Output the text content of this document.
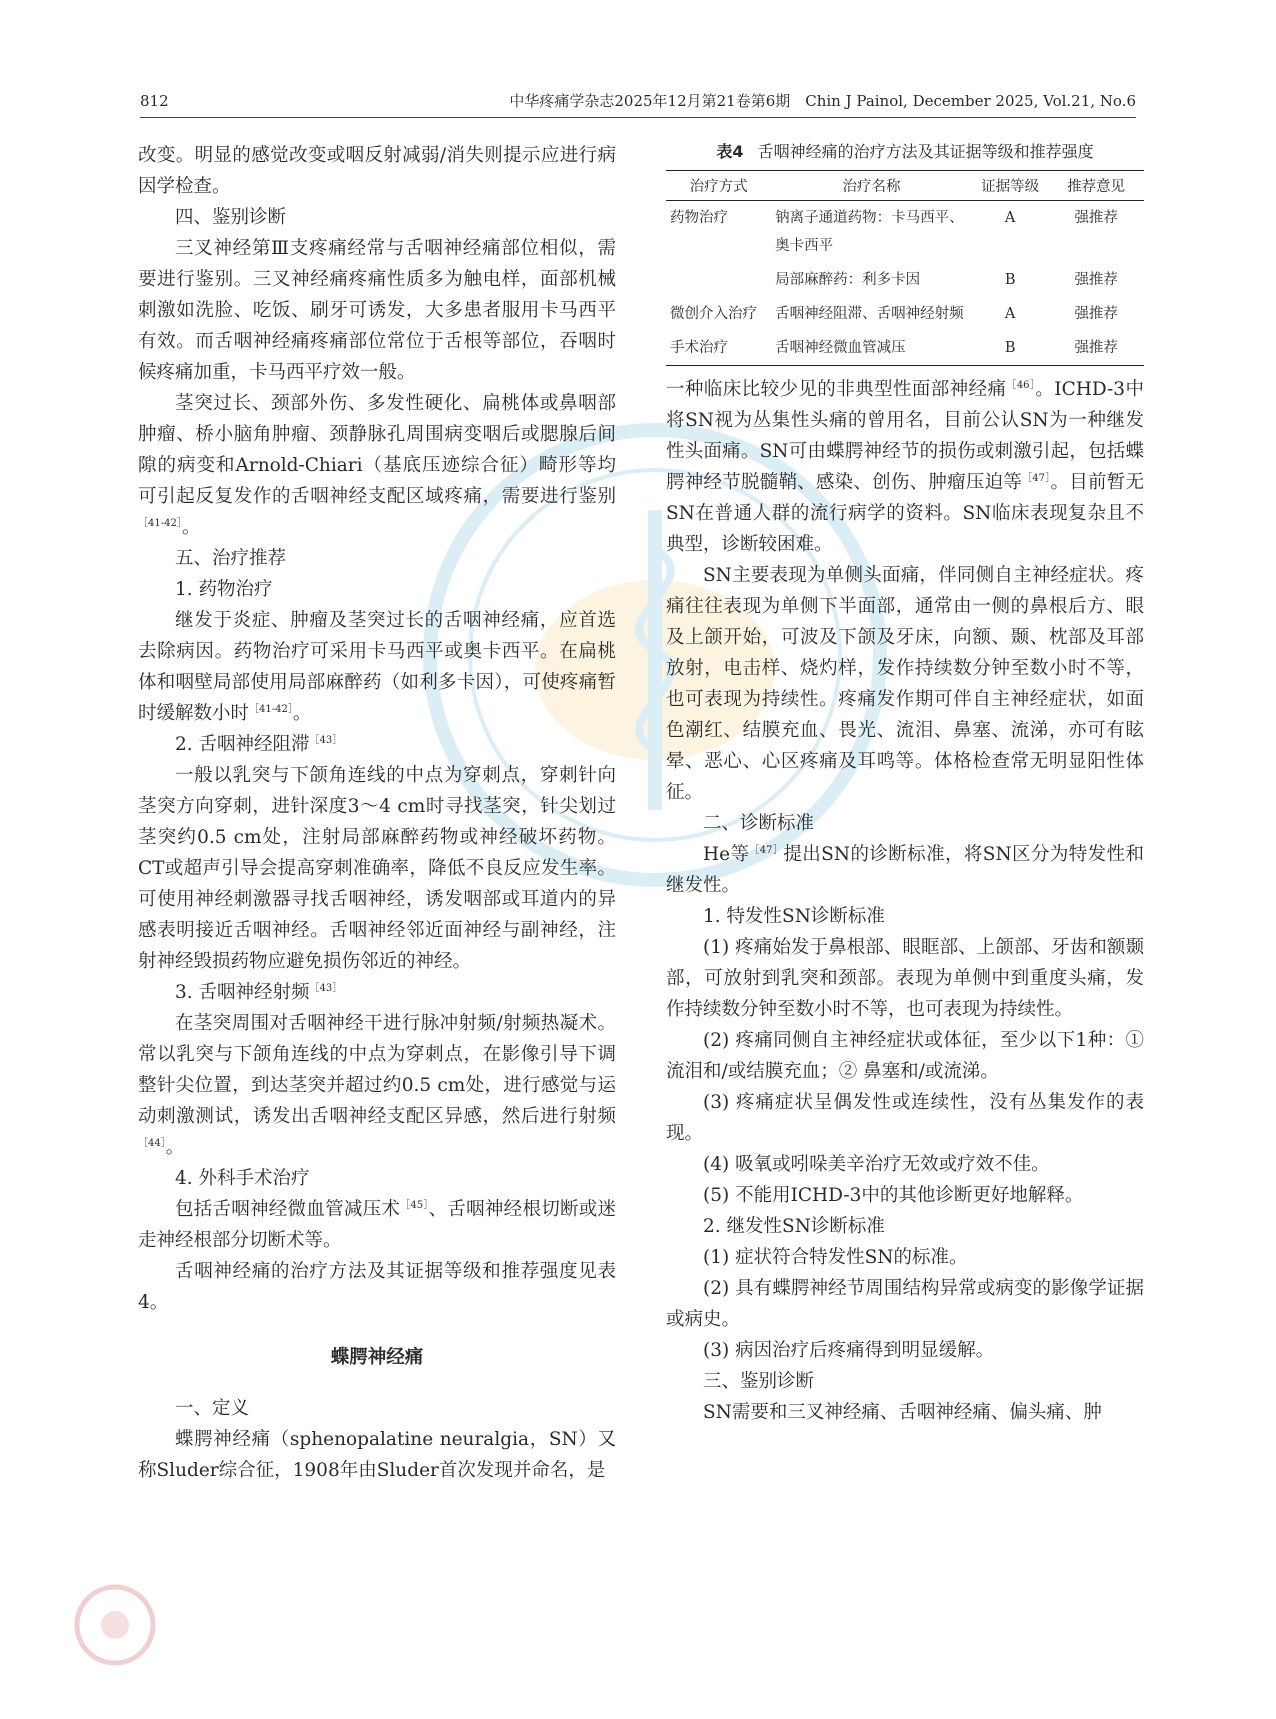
812	中华疼痛学杂志2025年12月第21卷第6期　Chin J Painol, December 2025, Vol.21, No.6

改变。明显的感觉改变或咽反射减弱/消失则提示应进行病因学检查。

四、鉴别诊断

三叉神经第Ⅲ支疼痛经常与舌咽神经痛部位相似，需要进行鉴别。三叉神经痛疼痛性质多为触电样，面部机械刺激如洗脸、吃饭、刷牙可诱发，大多患者服用卡马西平有效。而舌咽神经痛疼痛部位常位于舌根等部位，吞咽时候疼痛加重，卡马西平疗效一般。

茎突过长、颈部外伤、多发性硬化、扁桃体或鼻咽部肿瘤、桥小脑角肿瘤、颈静脉孔周围病变咽后或腮腺后间隙的病变和Arnold-Chiari（基底压迹综合征）畸形等均可引起反复发作的舌咽神经支配区域疼痛，需要进行鉴别$^{[41-42]}$。

五、治疗推荐

1. 药物治疗

继发于炎症、肿瘤及茎突过长的舌咽神经痛，应首选去除病因。药物治疗可采用卡马西平或奥卡西平。在扁桃体和咽壁局部使用局部麻醉药（如利多卡因），可使疼痛暂时缓解数小时$^{[41-42]}$。

2. 舌咽神经阻滞$^{[43]}$

一般以乳突与下颌角连线的中点为穿刺点，穿刺针向茎突方向穿刺，进针深度3～4 cm时寻找茎突，针尖划过茎突约0.5 cm处，注射局部麻醉药物或神经破坏药物。CT或超声引导会提高穿刺准确率，降低不良反应发生率。可使用神经刺激器寻找舌咽神经，诱发咽部或耳道内的异感表明接近舌咽神经。舌咽神经邻近面神经与副神经，注射神经毁损药物应避免损伤邻近的神经。

3. 舌咽神经射频$^{[43]}$

在茎突周围对舌咽神经干进行脉冲射频/射频热凝术。常以乳突与下颌角连线的中点为穿刺点，在影像引导下调整针尖位置，到达茎突并超过约0.5 cm处，进行感觉与运动刺激测试，诱发出舌咽神经支配区异感，然后进行射频$^{[44]}$。

4. 外科手术治疗

包括舌咽神经微血管减压术$^{[45]}$、舌咽神经根切断或迷走神经根部分切断术等。

舌咽神经痛的治疗方法及其证据等级和推荐强度见表4。

蝶腭神经痛

一、定义

蝶腭神经痛（sphenopalatine neuralgia，SN）又称Sluder综合征，1908年由Sluder首次发现并命名，是

表4 舌咽神经痛的治疗方法及其证据等级和推荐强度

治疗方式	治疗名称	证据等级	推荐意见
药物治疗	钠离子通道药物：卡马西平、奥卡西平	A	强推荐
	局部麻醉药：利多卡因	B	强推荐
微创介入治疗	舌咽神经阻滞、舌咽神经射频	A	强推荐
手术治疗	舌咽神经微血管减压	B	强推荐

一种临床比较少见的非典型性面部神经痛$^{[46]}$。ICHD-3中将SN视为丛集性头痛的曾用名，目前公认SN为一种继发性头面痛。SN可由蝶腭神经节的损伤或刺激引起，包括蝶腭神经节脱髓鞘、感染、创伤、肿瘤压迫等$^{[47]}$。目前暂无SN在普通人群的流行病学的资料。SN临床表现复杂且不典型，诊断较困难。

SN主要表现为单侧头面痛，伴同侧自主神经症状。疼痛往往表现为单侧下半面部，通常由一侧的鼻根后方、眼及上颌开始，可波及下颌及牙床，向额、颞、枕部及耳部放射，电击样、烧灼样，发作持续数分钟至数小时不等，也可表现为持续性。疼痛发作期可伴自主神经症状，如面色潮红、结膜充血、畏光、流泪、鼻塞、流涕，亦可有眩晕、恶心、心区疼痛及耳鸣等。体格检查常无明显阳性体征。

二、诊断标准

He等$^{[47]}$提出SN的诊断标准，将SN区分为特发性和继发性。

1. 特发性SN诊断标准

(1) 疼痛始发于鼻根部、眼眶部、上颌部、牙齿和额颞部，可放射到乳突和颈部。表现为单侧中到重度头痛，发作持续数分钟至数小时不等，也可表现为持续性。

(2) 疼痛同侧自主神经症状或体征，至少以下1种：① 流泪和/或结膜充血；② 鼻塞和/或流涕。

(3) 疼痛症状呈偶发性或连续性，没有丛集发作的表现。

(4) 吸氧或吲哚美辛治疗无效或疗效不佳。

(5) 不能用ICHD-3中的其他诊断更好地解释。

2. 继发性SN诊断标准

(1) 症状符合特发性SN的标准。

(2) 具有蝶腭神经节周围结构异常或病变的影像学证据或病史。

(3) 病因治疗后疼痛得到明显缓解。

三、鉴别诊断

SN需要和三叉神经痛、舌咽神经痛、偏头痛、肿
